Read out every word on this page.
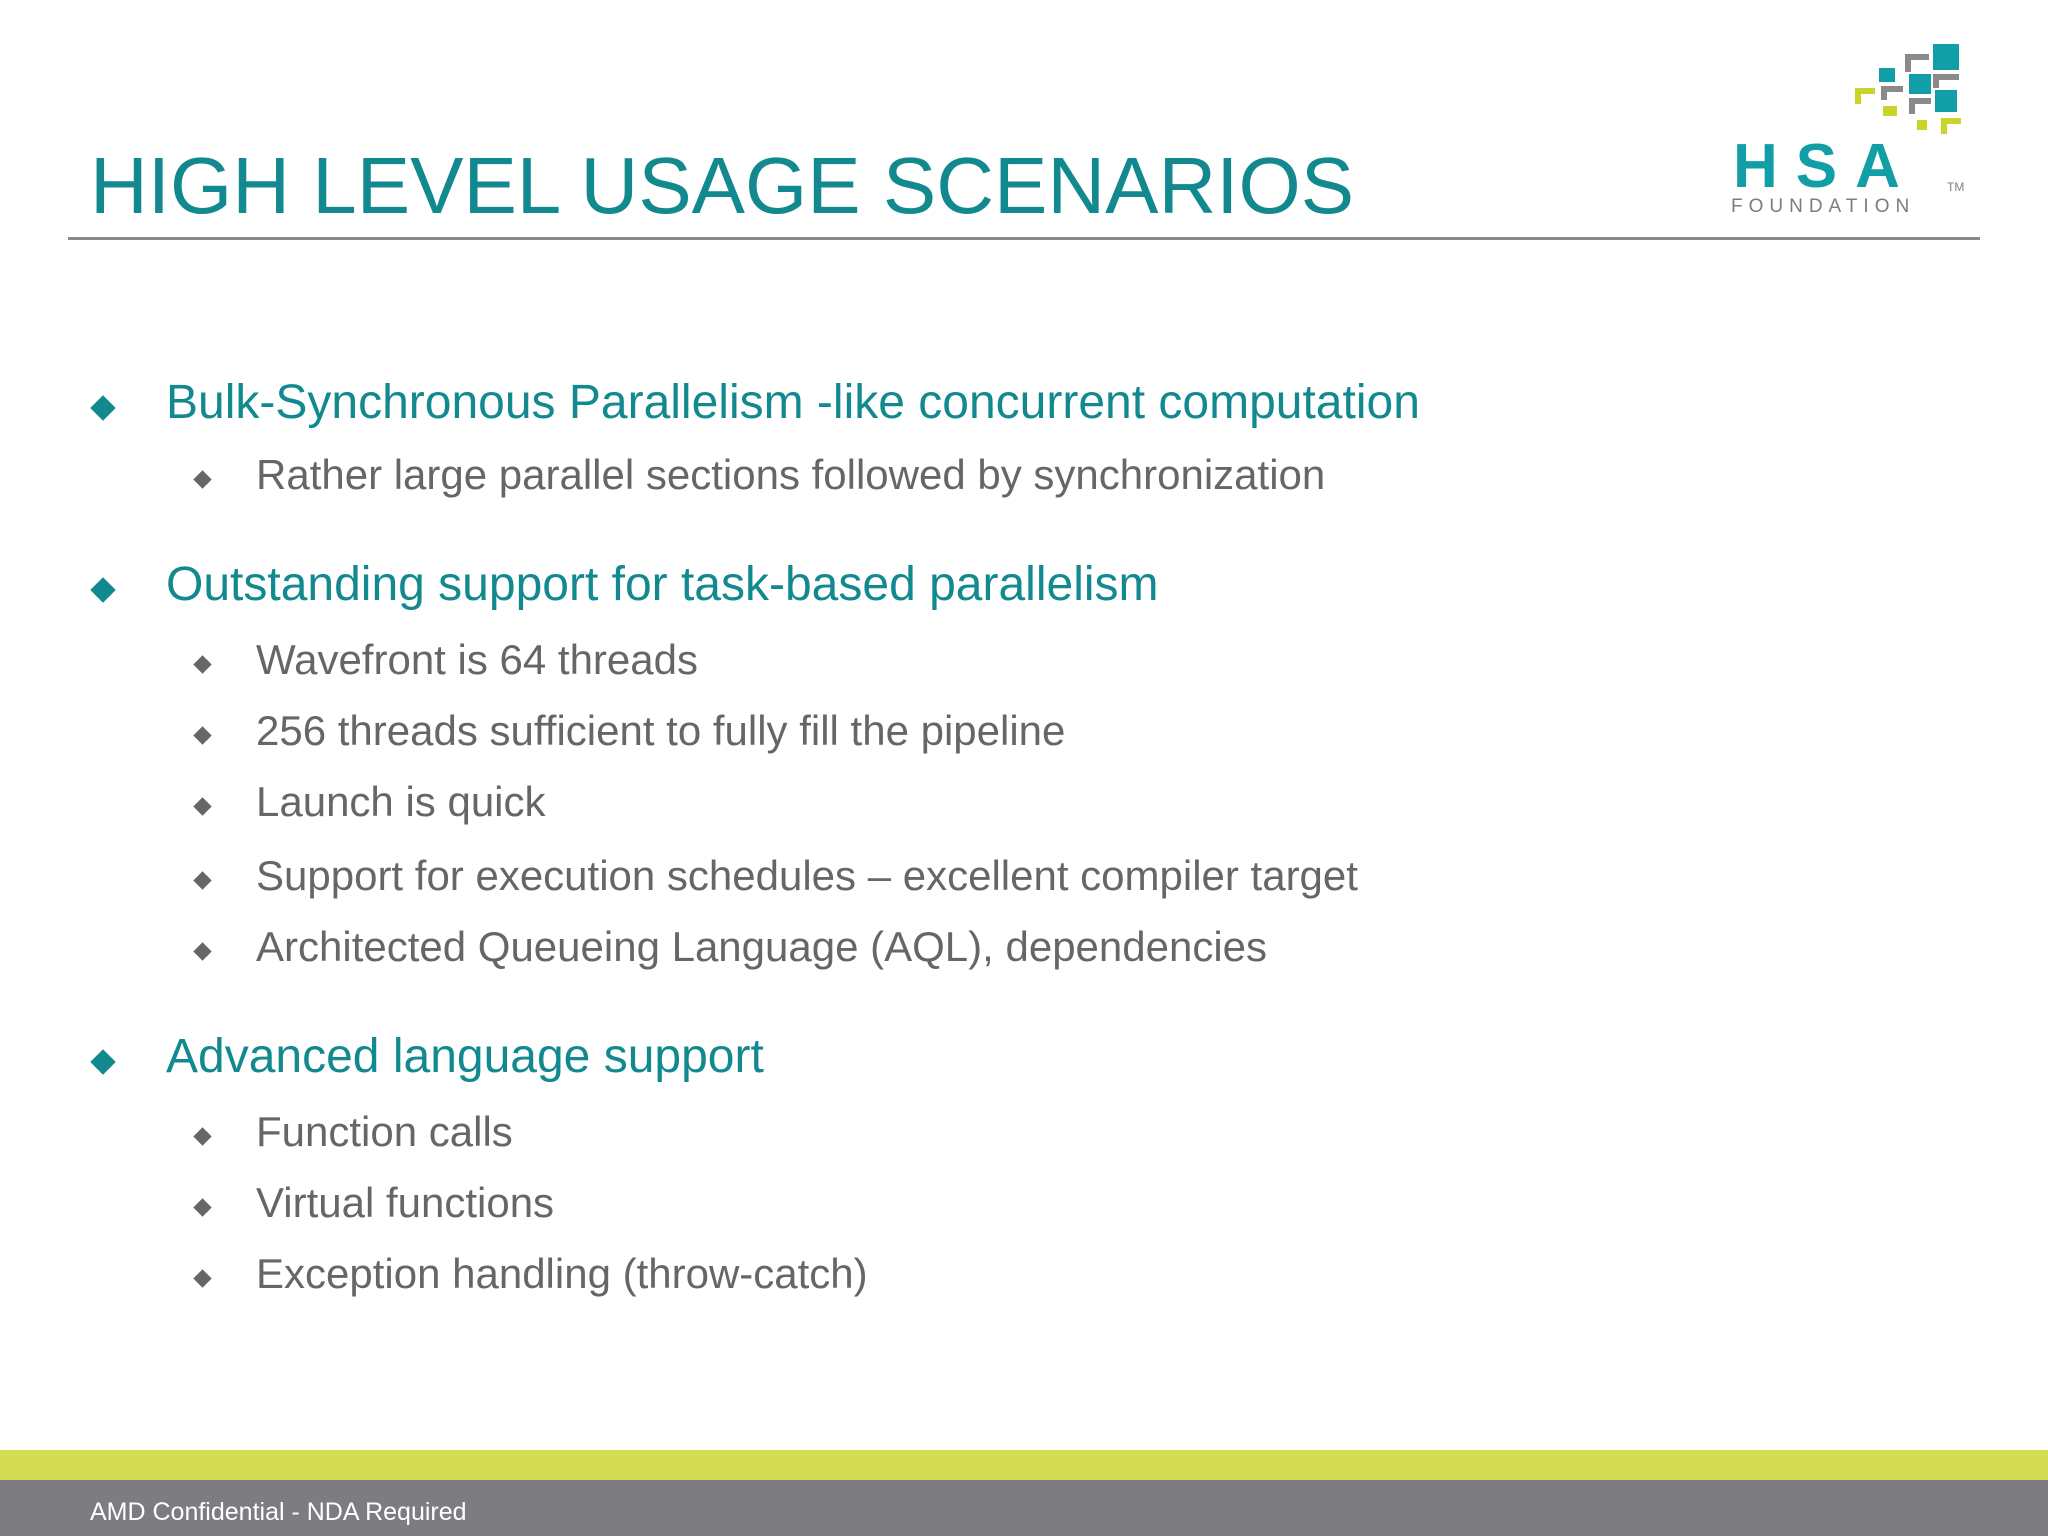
HIGH LEVEL USAGE SCENARIOS	HSA TM
FOUNDATION
Bulk-Synchronous Parallelism -like concurrent computation
Rather large parallel sections followed by synchronization
Outstanding support for task-based parallelism
Wavefront is 64 threads
256 threads sufficient to fully fill the pipeline
Launch is quick
Support for execution schedules – excellent compiler target
Architected Queueing Language (AQL), dependencies
Advanced language support
Function calls
Virtual functions
Exception handling (throw-catch)
AMD Confidential - NDA Required
